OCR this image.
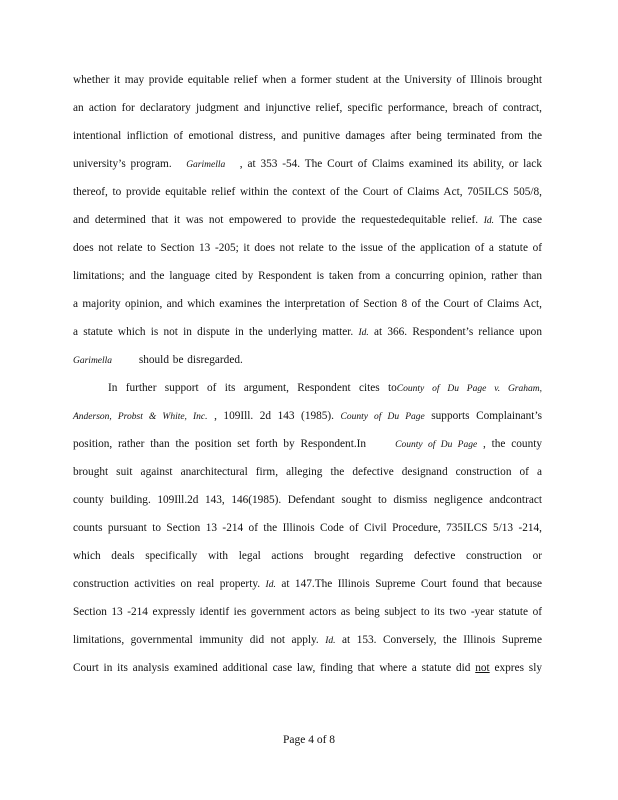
whether it may provide equitable relief when a former student at the University of Illinois brought
an action for declaratory judgment and injunctive relief, specific performance, breach of contract,
intentional infliction of emotional distress, and punitive damages after being terminated from the
university’s program. Garimella , at 353 -54. The Court of Claims examined its ability, or lack
thereof, to provide equitable relief within the context of the Court of Claims Act, 705ILCS 505/8,
and determined that it was not empowered to provide the requestedequitable relief. Id. The case
does not relate to Section 13 -205; it does not relate to the issue of the application of a statute of
limitations; and the language cited by Respondent is taken from a concurring opinion, rather than
a majority opinion, and which examines the interpretation of Section 8 of the Court of Claims Act,
a statute which is not in dispute in the underlying matter. Id. at 366. Respondent’s reliance upon
Garimella should be disregarded.
In further support of its argument, Respondent cites toCounty of Du Page v. Graham,
Anderson, Probst & White, Inc. , 109Ill. 2d 143 (1985). County of Du Page supports Complainant’s
position, rather than the position set forth by Respondent.In	County of Du Page , the county
brought suit against anarchitectural firm, alleging the defective designand construction of a
county building. 109Ill.2d 143, 146(1985). Defendant sought to dismiss negligence andcontract
counts pursuant to Section 13 -214 of the Illinois Code of Civil Procedure, 735ILCS 5/13 -214,
which deals specifically with legal actions brought regarding defective construction or
construction activities on real property. Id. at 147.The Illinois Supreme Court found that because
Section 13 -214 expressly identif ies government actors as being subject to its two -year statute of
limitations, governmental immunity did not apply. Id. at 153. Conversely, the Illinois Supreme
Court in its analysis examined additional case law, finding that where a statute did not expres sly
Page 4 of 8
